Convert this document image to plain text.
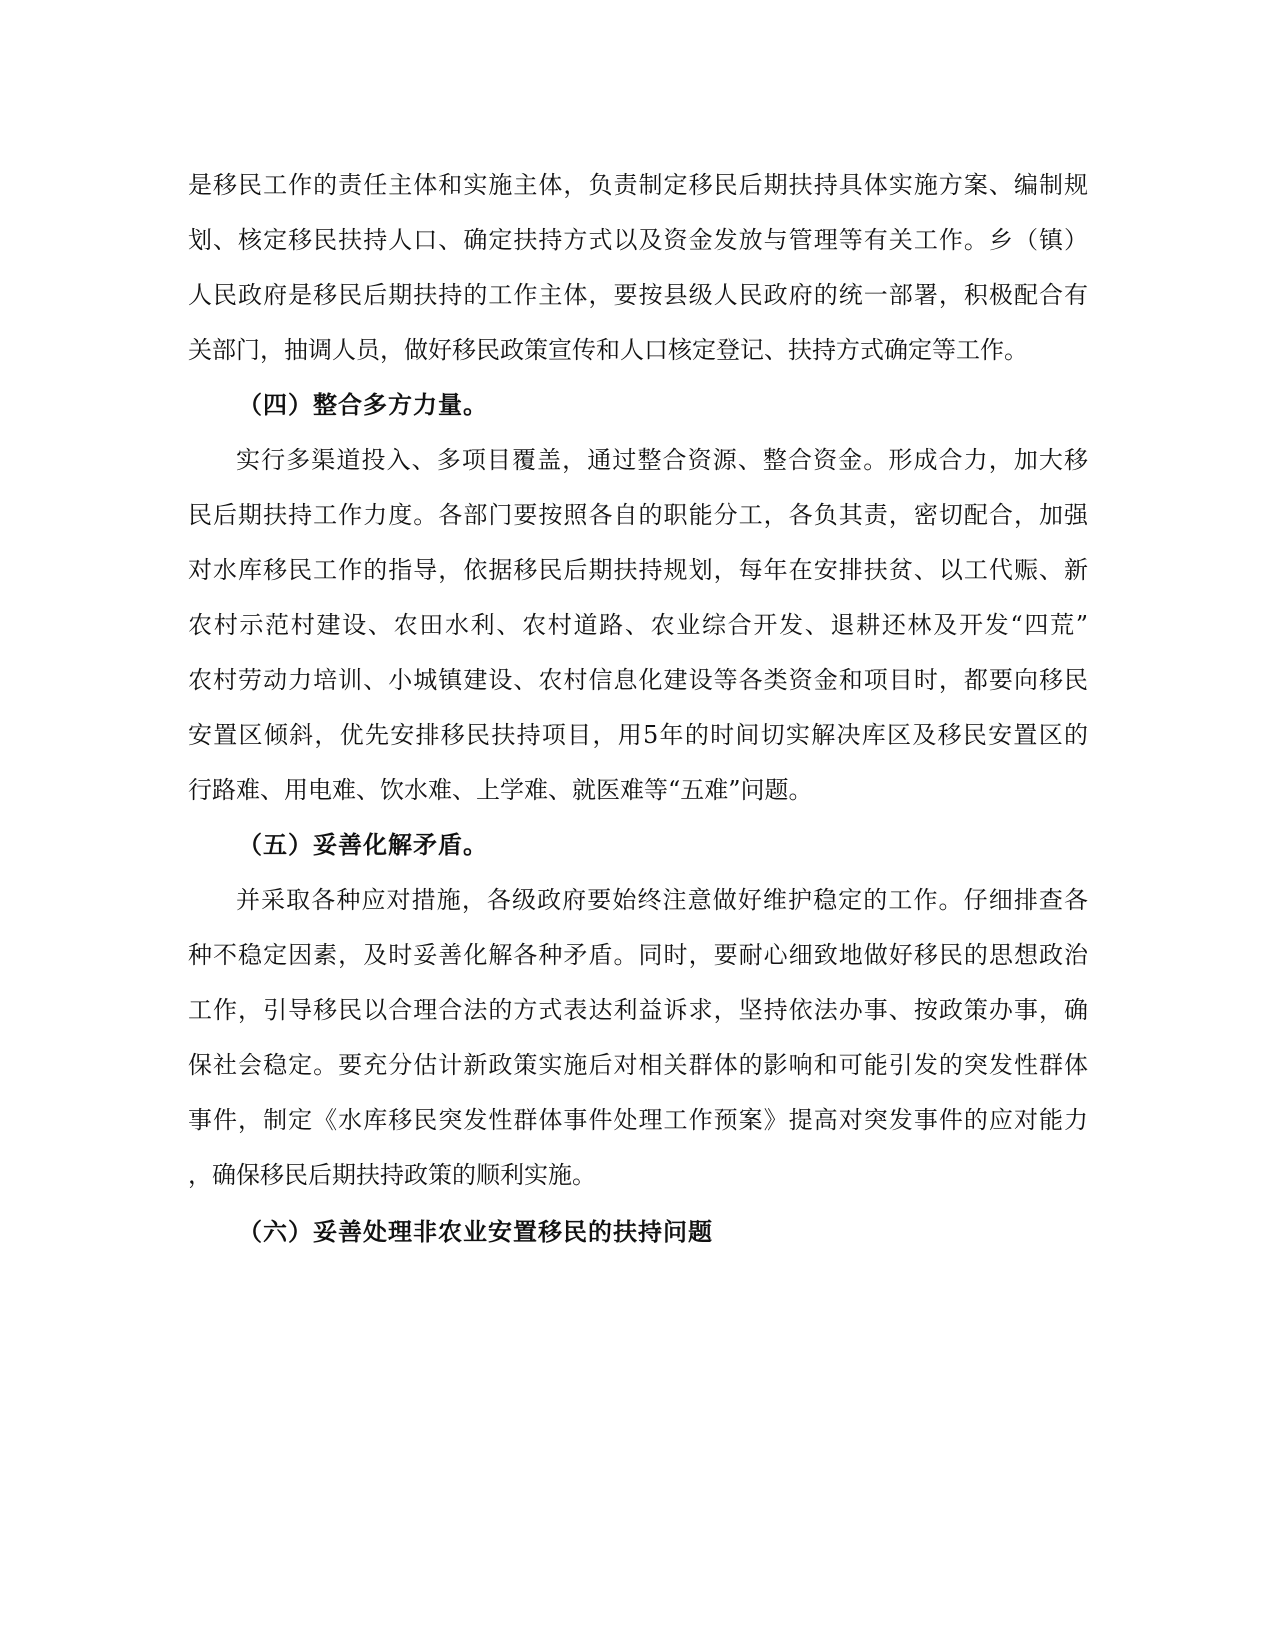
是移民工作的责任主体和实施主体，负责制定移民后期扶持具体实施方案、编制规
划、核定移民扶持人口、确定扶持方式以及资金发放与管理等有关工作。乡（镇）
人民政府是移民后期扶持的工作主体，要按县级人民政府的统一部署，积极配合有
关部门，抽调人员，做好移民政策宣传和人口核定登记、扶持方式确定等工作。
（四）整合多方力量。
实行多渠道投入、多项目覆盖，通过整合资源、整合资金。形成合力，加大移
民后期扶持工作力度。各部门要按照各自的职能分工，各负其责，密切配合，加强
对水库移民工作的指导，依据移民后期扶持规划，每年在安排扶贫、以工代赈、新
农村示范村建设、农田水利、农村道路、农业综合开发、退耕还林及开发“四荒”
农村劳动力培训、小城镇建设、农村信息化建设等各类资金和项目时，都要向移民
安置区倾斜，优先安排移民扶持项目，用5年的时间切实解决库区及移民安置区的
行路难、用电难、饮水难、上学难、就医难等“五难”问题。
（五）妥善化解矛盾。
并采取各种应对措施，各级政府要始终注意做好维护稳定的工作。仔细排查各
种不稳定因素，及时妥善化解各种矛盾。同时，要耐心细致地做好移民的思想政治
工作，引导移民以合理合法的方式表达利益诉求，坚持依法办事、按政策办事，确
保社会稳定。要充分估计新政策实施后对相关群体的影响和可能引发的突发性群体
事件，制定《水库移民突发性群体事件处理工作预案》提高对突发事件的应对能力
，确保移民后期扶持政策的顺利实施。
（六）妥善处理非农业安置移民的扶持问题
